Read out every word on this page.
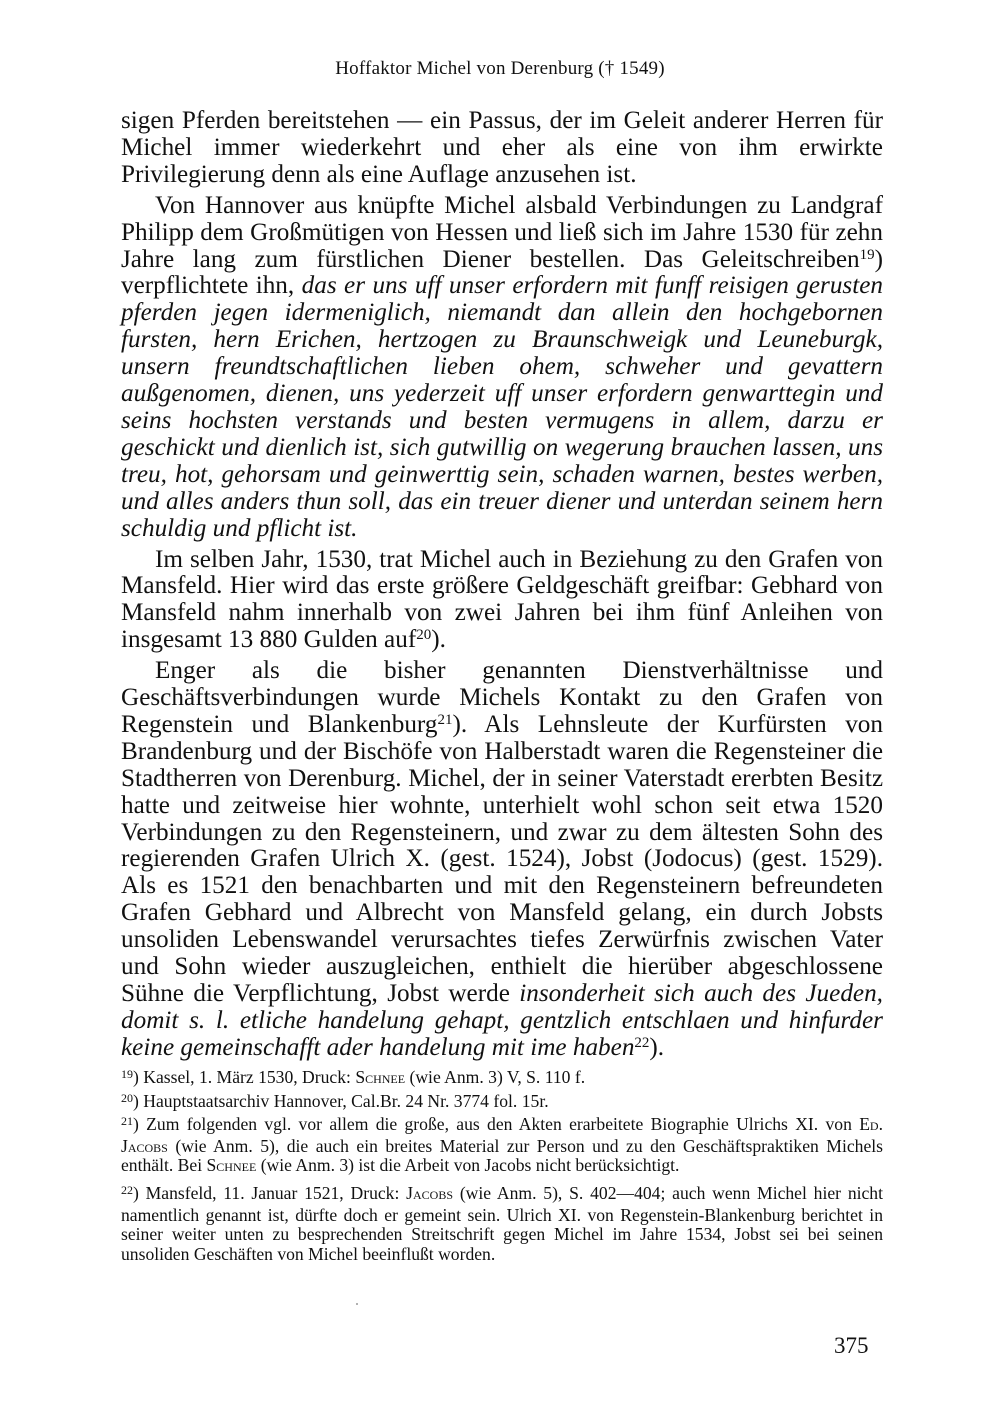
Hoffaktor Michel von Derenburg († 1549)

sigen Pferden bereitstehen — ein Passus, der im Geleit anderer Herren für Michel immer wiederkehrt und eher als eine von ihm erwirkte Privilegierung denn als eine Auflage anzusehen ist.

Von Hannover aus knüpfte Michel alsbald Verbindungen zu Landgraf Philipp dem Großmütigen von Hessen und ließ sich im Jahre 1530 für zehn Jahre lang zum fürstlichen Diener bestellen. Das Geleitschreiben$^{19}$) verpflichtete ihn, das er uns uff unser erfordern mit funff reisigen gerusten pferden jegen idermeniglich, niemandt dan allein den hochgebornen fursten, hern Erichen, hertzogen zu Braunschweigk und Leuneburgk, unsern freundtschaftlichen lieben ohem, schweher und gevattern außgenomen, dienen, uns yederzeit uff unser erfordern genwarttegin und seins hochsten verstands und besten vermugens in allem, darzu er geschickt und dienlich ist, sich gutwillig on wegerung brauchen lassen, uns treu, hot, gehorsam und geinwerttig sein, schaden warnen, bestes werben, und alles anders thun soll, das ein treuer diener und unterdan seinem hern schuldig und pflicht ist.

Im selben Jahr, 1530, trat Michel auch in Beziehung zu den Grafen von Mansfeld. Hier wird das erste größere Geldgeschäft greifbar: Gebhard von Mansfeld nahm innerhalb von zwei Jahren bei ihm fünf Anleihen von insgesamt 13 880 Gulden auf$^{20}$).

Enger als die bisher genannten Dienstverhältnisse und Geschäftsverbindungen wurde Michels Kontakt zu den Grafen von Regenstein und Blankenburg$^{21}$). Als Lehnsleute der Kurfürsten von Brandenburg und der Bischöfe von Halberstadt waren die Regensteiner die Stadtherren von Derenburg. Michel, der in seiner Vaterstadt ererbten Besitz hatte und zeitweise hier wohnte, unterhielt wohl schon seit etwa 1520 Verbindungen zu den Regensteinern, und zwar zu dem ältesten Sohn des regierenden Grafen Ulrich X. (gest. 1524), Jobst (Jodocus) (gest. 1529). Als es 1521 den benachbarten und mit den Regensteinern befreundeten Grafen Gebhard und Albrecht von Mansfeld gelang, ein durch Jobsts unsoliden Lebenswandel verursachtes tiefes Zerwürfnis zwischen Vater und Sohn wieder auszugleichen, enthielt die hierüber abgeschlossene Sühne die Verpflichtung, Jobst werde insonderheit sich auch des Jueden, domit s. l. etliche handelung gehapt, gentzlich entschlaen und hinfurder keine gemeinschafft ader handelung mit ime haben$^{22}$).

$^{19}$) Kassel, 1. März 1530, Druck: Schnee (wie Anm. 3) V, S. 110 f.

$^{20}$) Hauptstaatsarchiv Hannover, Cal.Br. 24 Nr. 3774 fol. 15r.

$^{21}$) Zum folgenden vgl. vor allem die große, aus den Akten erarbeitete Biographie Ulrichs XI. von Ed. Jacobs (wie Anm. 5), die auch ein breites Material zur Person und zu den Geschäftspraktiken Michels enthält. Bei Schnee (wie Anm. 3) ist die Arbeit von Jacobs nicht berücksichtigt.

$^{22}$) Mansfeld, 11. Januar 1521, Druck: Jacobs (wie Anm. 5), S. 402—404; auch wenn Michel hier nicht namentlich genannt ist, dürfte doch er gemeint sein. Ulrich XI. von Regenstein-Blankenburg berichtet in seiner weiter unten zu besprechenden Streitschrift gegen Michel im Jahre 1534, Jobst sei bei seinen unsoliden Geschäften von Michel beeinflußt worden.

375
